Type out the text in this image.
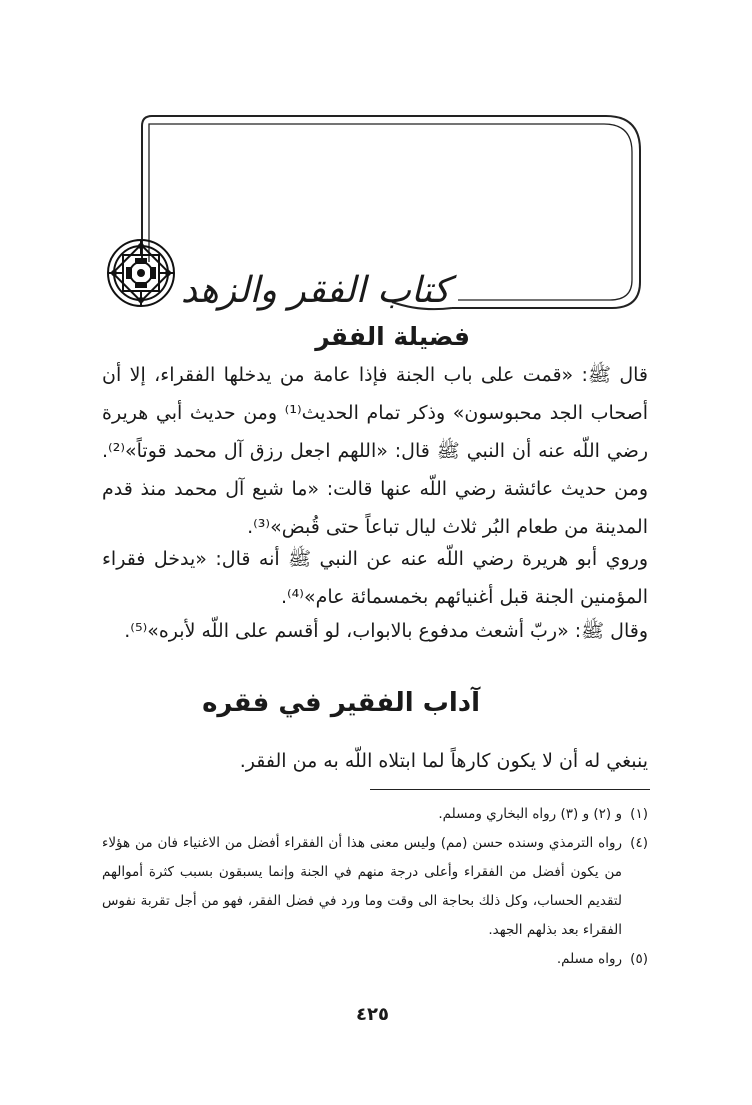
كتاب الفقر والزهد
فضيلة الفقر
قال ﷺ: «قمت على باب الجنة فإذا عامة من يدخلها الفقراء، إلا أن أصحاب الجد محبوسون» وذكر تمام الحديث⁽¹⁾ ومن حديث أبي هريرة رضي اللّه عنه أن النبي ﷺ قال: «اللهم اجعل رزق آل محمد قوتاً»⁽²⁾. ومن حديث عائشة رضي اللّه عنها قالت: «ما شبع آل محمد منذ قدم المدينة من طعام البُر ثلاث ليال تباعاً حتى قُبض»⁽³⁾.
وروي أبو هريرة رضي اللّه عنه عن النبي ﷺ أنه قال: «يدخل فقراء المؤمنين الجنة قبل أغنيائهم بخمسمائة عام»⁽⁴⁾.
وقال ﷺ: «ربّ أشعث مدفوع بالابواب، لو أقسم على اللّه لأبره»⁽⁵⁾.
آداب الفقير في فقره
ينبغي له أن لا يكون كارهاً لما ابتلاه اللّه به من الفقر.
(١)
و (٢) و (٣) رواه البخاري ومسلم.
(٤)
رواه الترمذي وسنده حسن (مم) وليس معنى هذا أن الفقراء أفضل من الاغنياء فان من هؤلاء من يكون أفضل من الفقراء وأعلى درجة منهم في الجنة وإنما يسبقون بسبب كثرة أموالهم لتقديم الحساب، وكل ذلك بحاجة الى وقت وما ورد في فضل الفقر، فهو من أجل تقربة نفوس الفقراء بعد بذلهم الجهد.
(٥)
رواه مسلم.
٤٢٥
